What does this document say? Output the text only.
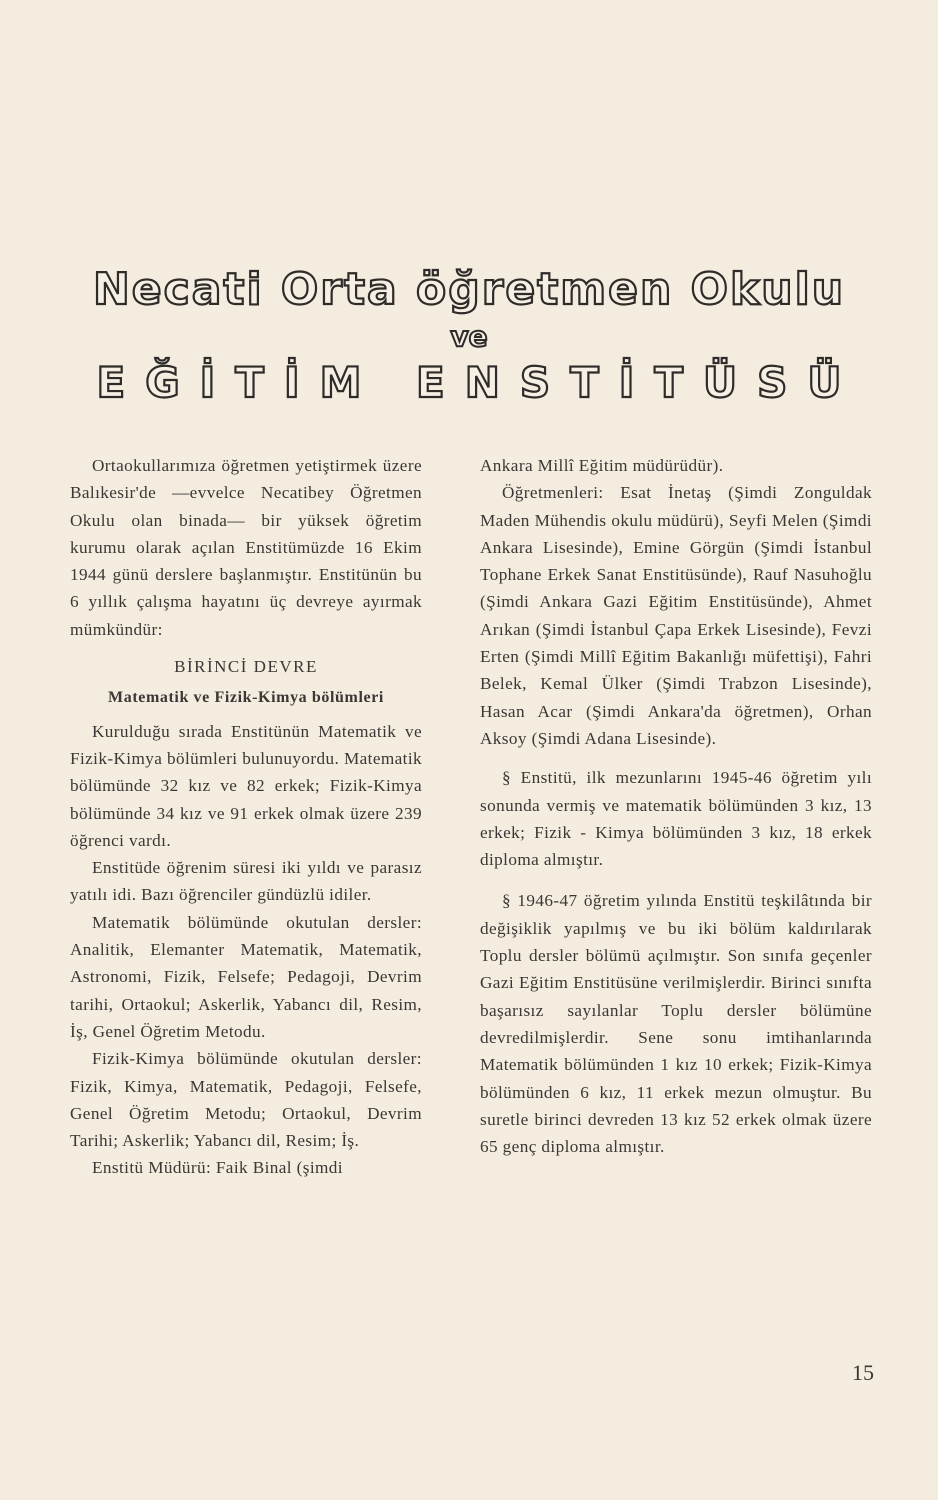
Necati Orta öğretmen Okulu
ve
EĞİTİM ENSTİTÜSÜ

Ortaokullarımıza öğretmen yetiştirmek üzere Balıkesir'de —evvelce Necatibey Öğretmen Okulu olan binada— bir yüksek öğretim kurumu olarak açılan Enstitümüzde 16 Ekim 1944 günü derslere başlanmıştır. Enstitünün bu 6 yıllık çalışma hayatını üç devreye ayırmak mümkündür:

BİRİNCİ DEVRE
Matematik ve Fizik-Kimya bölümleri

Kurulduğu sırada Enstitünün Matematik ve Fizik-Kimya bölümleri bulunuyordu. Matematik bölümünde 32 kız ve 82 erkek; Fizik-Kimya bölümünde 34 kız ve 91 erkek olmak üzere 239 öğrenci vardı.

Enstitüde öğrenim süresi iki yıldı ve parasız yatılı idi. Bazı öğrenciler gündüzlü idiler.

Matematik bölümünde okutulan dersler: Analitik, Elemanter Matematik, Matematik, Astronomi, Fizik, Felsefe; Pedagoji, Devrim tarihi, Ortaokul; Askerlik, Yabancı dil, Resim, İş, Genel Öğretim Metodu.

Fizik-Kimya bölümünde okutulan dersler: Fizik, Kimya, Matematik, Pedagoji, Felsefe, Genel Öğretim Metodu; Ortaokul, Devrim Tarihi; Askerlik; Yabancı dil, Resim; İş.

Enstitü Müdürü: Faik Binal (şimdi

Ankara Millî Eğitim müdürüdür).

Öğretmenleri: Esat İnetaş (Şimdi Zonguldak Maden Mühendis okulu müdürü), Seyfi Melen (Şimdi Ankara Lisesinde), Emine Görgün (Şimdi İstanbul Tophane Erkek Sanat Enstitüsünde), Rauf Nasuhoğlu (Şimdi Ankara Gazi Eğitim Enstitüsünde), Ahmet Arıkan (Şimdi İstanbul Çapa Erkek Lisesinde), Fevzi Erten (Şimdi Millî Eğitim Bakanlığı müfettişi), Fahri Belek, Kemal Ülker (Şimdi Trabzon Lisesinde), Hasan Acar (Şimdi Ankara'da öğretmen), Orhan Aksoy (Şimdi Adana Lisesinde).

§ Enstitü, ilk mezunlarını 1945-46 öğretim yılı sonunda vermiş ve matematik bölümünden 3 kız, 13 erkek; Fizik - Kimya bölümünden 3 kız, 18 erkek diploma almıştır.

§ 1946-47 öğretim yılında Enstitü teşkilâtında bir değişiklik yapılmış ve bu iki bölüm kaldırılarak Toplu dersler bölümü açılmıştır. Son sınıfa geçenler Gazi Eğitim Enstitüsüne verilmişlerdir. Birinci sınıfta başarısız sayılanlar Toplu dersler bölümüne devredilmişlerdir. Sene sonu imtihanlarında Matematik bölümünden 1 kız 10 erkek; Fizik-Kimya bölümünden 6 kız, 11 erkek mezun olmuştur. Bu suretle birinci devreden 13 kız 52 erkek olmak üzere 65 genç diploma almıştır.

15
